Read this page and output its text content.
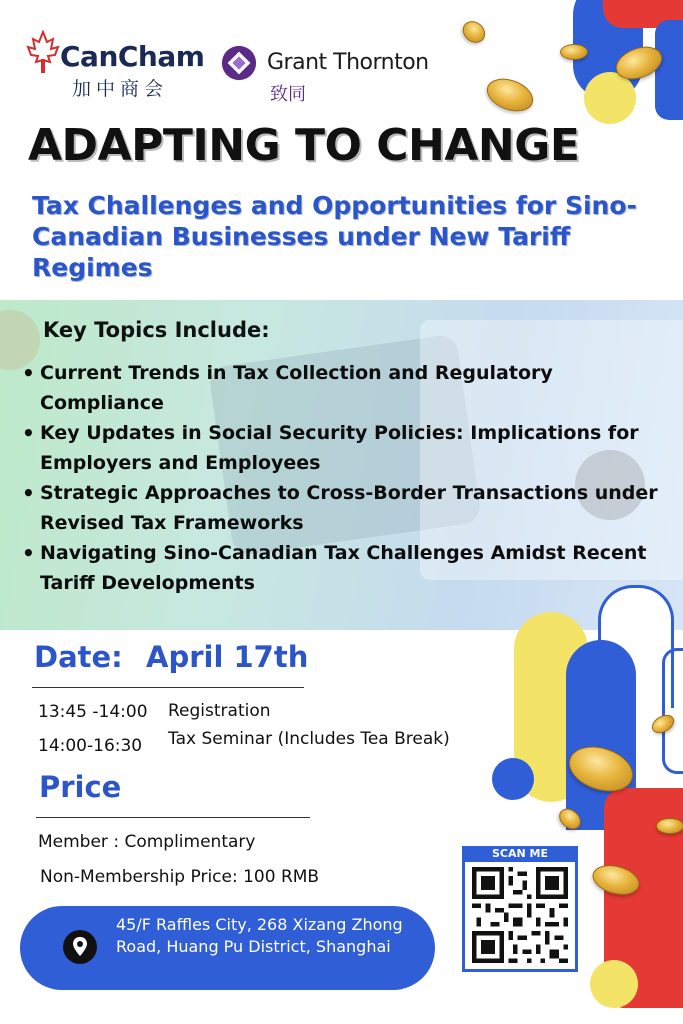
CanCham
加中商会
Grant Thornton
致同
ADAPTING TO CHANGE
Tax Challenges and Opportunities for Sino-Canadian Businesses under New Tariff Regimes
Key Topics Include:
• Current Trends in Tax Collection and Regulatory Compliance
• Key Updates in Social Security Policies: Implications for Employers and Employees
• Strategic Approaches to Cross-Border Transactions under Revised Tax Frameworks
• Navigating Sino-Canadian Tax Challenges Amidst Recent Tariff Developments
Date: April 17th
13:45 -14:00 Registration
14:00-16:30 Tax Seminar (Includes Tea Break)
Price
Member : Complimentary
Non-Membership Price: 100 RMB
45/F Raffles City, 268 Xizang Zhong Road, Huang Pu District, Shanghai
SCAN ME
